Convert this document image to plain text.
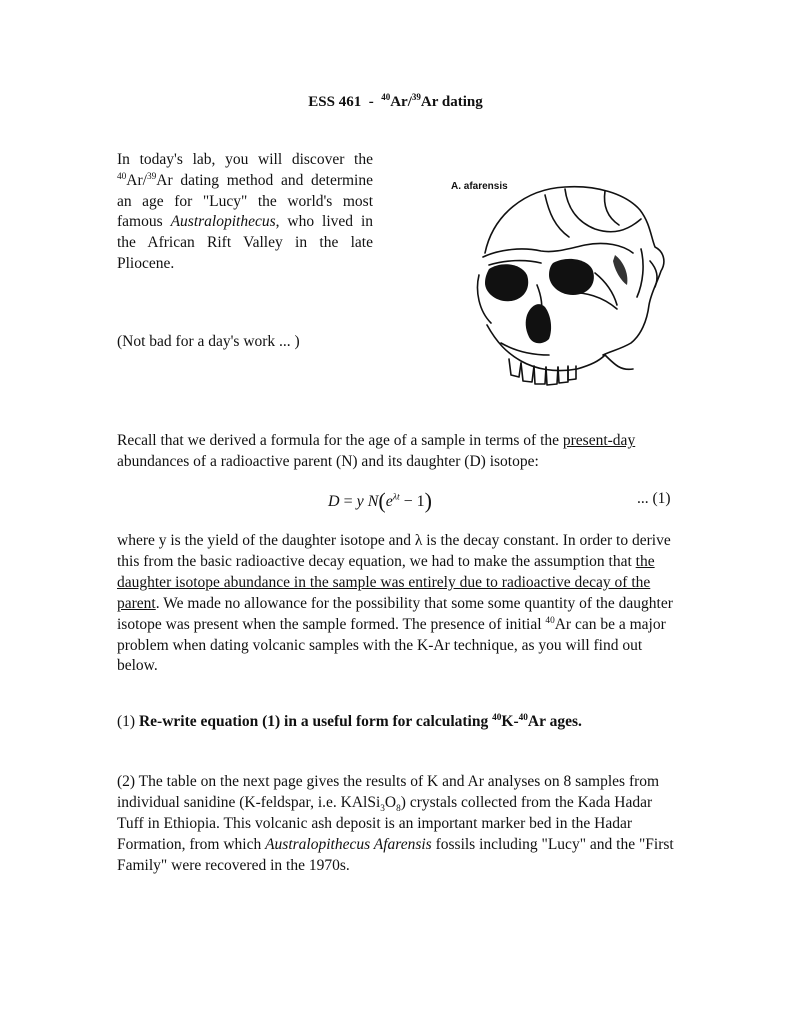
ESS 461  - $^{40}$Ar/$^{39}$Ar dating
In today's lab, you will discover the $^{40}$Ar/$^{39}$Ar dating method and determine an age for "Lucy" the world's most famous Australopithecus, who lived in the African Rift Valley in the late Pliocene.
(Not bad for a day's work ... )
A. afarensis
Recall that we derived a formula for the age of a sample in terms of the present-day abundances of a radioactive parent (N) and its daughter (D) isotope:
D = y $N(e^{\lambda t} - 1)$	... (1)
where y is the yield of the daughter isotope and λ is the decay constant. In order to derive this from the basic radioactive decay equation, we had to make the assumption that the daughter isotope abundance in the sample was entirely due to radioactive decay of the parent. We made no allowance for the possibility that some some quantity of the daughter isotope was present when the sample formed. The presence of initial $^{40}$Ar can be a major problem when dating volcanic samples with the K-Ar technique, as you will find out below.
(1) Re-write equation (1) in a useful form for calculating $^{40}$K-$^{40}$Ar ages.
(2) The table on the next page gives the results of K and Ar analyses on 8 samples from individual sanidine (K-feldspar, i.e. $KAlSi_3O_8$) crystals collected from the Kada Hadar Tuff in Ethiopia. This volcanic ash deposit is an important marker bed in the Hadar Formation, from which Australopithecus Afarensis fossils including "Lucy" and the "First Family" were recovered in the 1970s.
